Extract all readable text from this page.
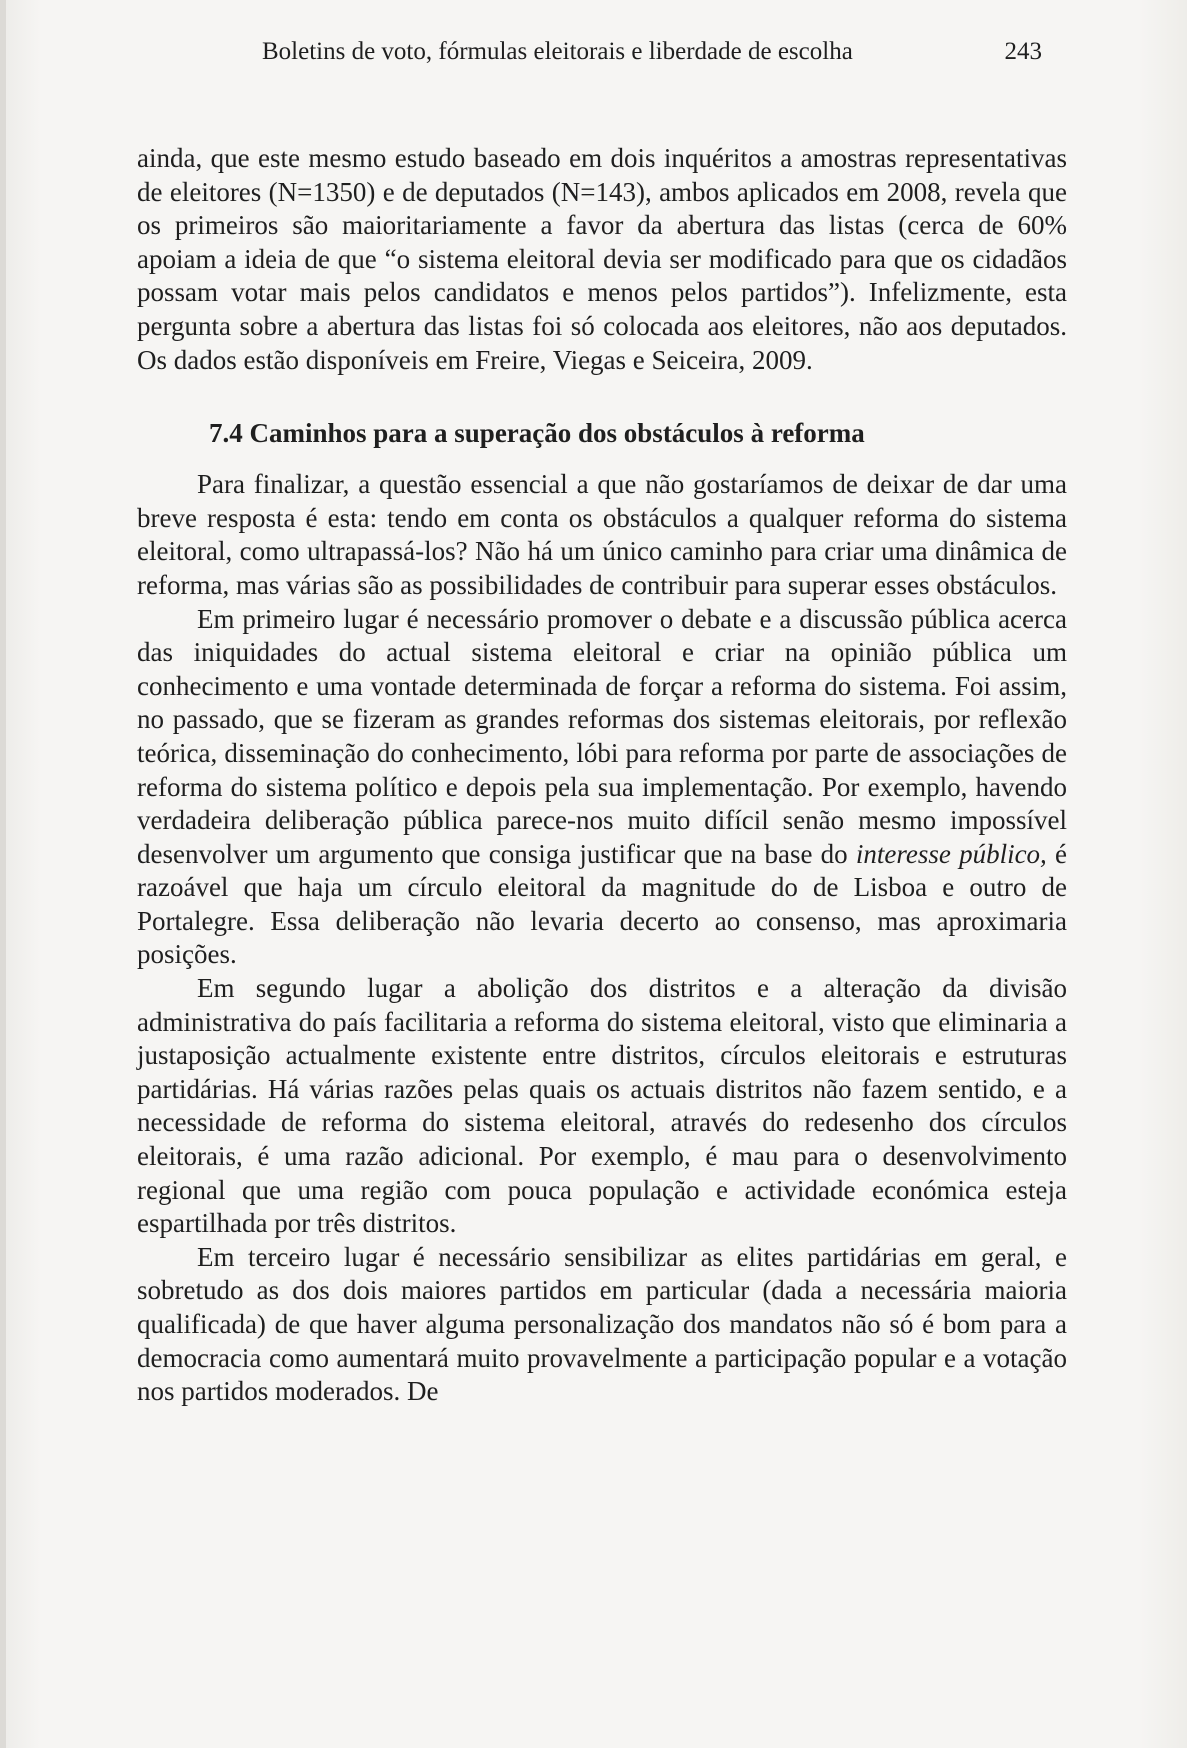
Boletins de voto, fórmulas eleitorais e liberdade de escolha	243

ainda, que este mesmo estudo baseado em dois inquéritos a amostras representativas de eleitores (N=1350) e de deputados (N=143), ambos aplicados em 2008, revela que os primeiros são maioritariamente a favor da abertura das listas (cerca de 60% apoiam a ideia de que “o sistema eleitoral devia ser modificado para que os cidadãos possam votar mais pelos candidatos e menos pelos partidos”). Infelizmente, esta pergunta sobre a abertura das listas foi só colocada aos eleitores, não aos deputados. Os dados estão disponíveis em Freire, Viegas e Seiceira, 2009.

7.4 Caminhos para a superação dos obstáculos à reforma

Para finalizar, a questão essencial a que não gostaríamos de deixar de dar uma breve resposta é esta: tendo em conta os obstáculos a qualquer reforma do sistema eleitoral, como ultrapassá-los? Não há um único caminho para criar uma dinâmica de reforma, mas várias são as possibilidades de contribuir para superar esses obstáculos.

Em primeiro lugar é necessário promover o debate e a discussão pública acerca das iniquidades do actual sistema eleitoral e criar na opinião pública um conhecimento e uma vontade determinada de forçar a reforma do sistema. Foi assim, no passado, que se fizeram as grandes reformas dos sistemas eleitorais, por reflexão teórica, disseminação do conhecimento, lóbi para reforma por parte de associações de reforma do sistema político e depois pela sua implementação. Por exemplo, havendo verdadeira deliberação pública parece-nos muito difícil senão mesmo impossível desenvolver um argumento que consiga justificar que na base do interesse público, é razoável que haja um círculo eleitoral da magnitude do de Lisboa e outro de Portalegre. Essa deliberação não levaria decerto ao consenso, mas aproximaria posições.

Em segundo lugar a abolição dos distritos e a alteração da divisão administrativa do país facilitaria a reforma do sistema eleitoral, visto que eliminaria a justaposição actualmente existente entre distritos, círculos eleitorais e estruturas partidárias. Há várias razões pelas quais os actuais distritos não fazem sentido, e a necessidade de reforma do sistema eleitoral, através do redesenho dos círculos eleitorais, é uma razão adicional. Por exemplo, é mau para o desenvolvimento regional que uma região com pouca população e actividade económica esteja espartilhada por três distritos.

Em terceiro lugar é necessário sensibilizar as elites partidárias em geral, e sobretudo as dos dois maiores partidos em particular (dada a necessária maioria qualificada) de que haver alguma personalização dos mandatos não só é bom para a democracia como aumentará muito provavelmente a participação popular e a votação nos partidos moderados. De
